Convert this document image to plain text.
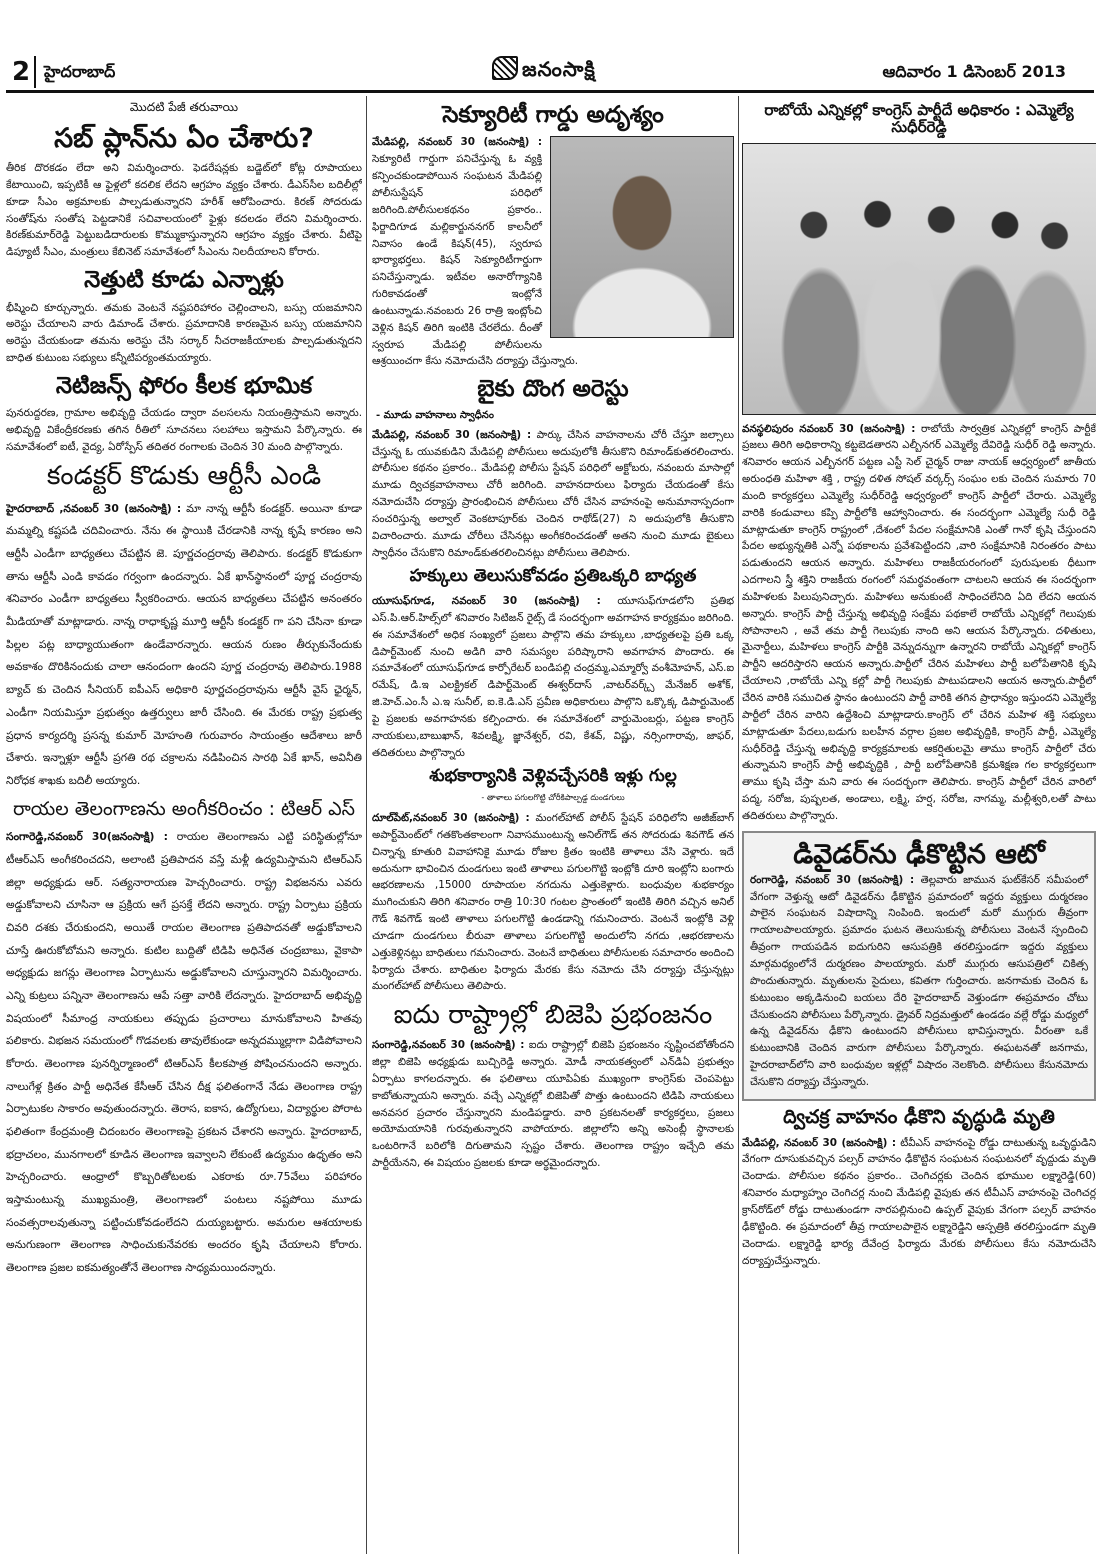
2 హైదరాబాద్	జనంసాక్షి	ఆదివారం 1 డిసెంబర్ 2013
మొదటి పేజీ తరువాయి
సబ్ ప్లాన్‌ను ఏం చేశారు?

తీరిక దొరకడం లేదా అని విమర్శించారు. ఫెడరేషన్లకు బడ్జెట్‌లో కోట్ల రూపాయలు కేటాయించి, ఇప్పటికీ ఆ ఫైళ్లలో కదలిక లేదని ఆగ్రహం వ్యక్తం చేశారు. డీఎస్‌సీల బదిలీల్లో కూడా సీఎం అక్రమాలకు పాల్పడుతున్నారని హరీశ్ ఆరోపించారు. కిరణ్ సోదరుడు సంతోష్‌ను సంతోష పెట్టడానికే సచివాలయంలో ఫైళ్లు కదలడం లేదని విమర్శించారు. కిరణ్‌కుమార్‌రెడ్డి పెట్టుబడిదారులకు కొమ్ముకాస్తున్నారని ఆగ్రహం వ్యక్తం చేశారు. వీటిపై డిప్యూటీ సీఎం, మంత్రులు కేబినెట్ సమావేశంలో సీఎంను నిలదీయాలని కోరారు.

నెత్తుటి కూడు ఎన్నాళ్లు

భీష్మించి కూర్చున్నారు. తమకు వెంటనే నష్టపరిహారం చెల్లించాలని, బస్సు యజమానిని అరెస్టు చేయాలని వారు డిమాండ్ చేశారు. ప్రమాదానికి కారణమైన బస్సు యజమానిని అరెస్టు చేయకుండా తమను అరెస్టు చేసి సర్కార్ నీచరాజకీయాలకు పాల్పడుతున్నదని బాధిత కుటుంబ సభ్యులు కన్నీటిపర్యంతమయ్యారు.

నెటిజన్స్ ఫోరం కీలక భూమిక

పునరుద్దరణ, గ్రామాల అభివృద్ది చేయడం ద్వారా వలసలను నియంత్రిస్తామని అన్నారు. అభివృద్ది వికేంద్రీకరణకు తగిన రీతిలో సూచనలు సలహాలు ఇస్తామని పేర్కొన్నారు. ఈ సమావేశంలో ఐటీ, వైద్య, ఏరోస్పేస్ తదితర రంగాలకు చెందిన 30 మంది పాల్గొన్నారు.

కండక్టర్ కొడుకు ఆర్టీసీ ఎండి

హైదరాబాద్ ,నవంబర్ 30 (జనంసాక్షి) : మా నాన్న ఆర్టీసీ కండక్టర్. అయినా కూడా మమ్మల్ని కష్టపడి చదివించారు. నేను ఈ స్థాయికి చేరడానికి నాన్న కృషే కారణం అని ఆర్టీసీ ఎండీగా బాధ్యతలు చేపట్టిన జె. పూర్ణచంద్రరావు తెలిపారు. కండక్టర్ కొడుకుగా తాను ఆర్టీసీ ఎండి కావడం గర్వంగా ఉందన్నారు. ఏకే ఖాన్‌స్థానంలో పూర్ణ చంద్రరావు శనివారం ఎండీగా బాధ్యతలు స్వీకరించారు. ఆయన బాధ్యతలు చేపట్టిన అనంతరం మీడియాతో మాట్లాడారు. నాన్న రాధాకృష్ణ మూర్తి ఆర్టీసీ కండక్టర్ గా పని చేసినా కూడా పిల్లల పట్ల బాధ్యాయుతంగా ఉండేవారన్నారు. ఆయన రుణం తీర్చుకునేందుకు అవకాశం దొరికినందుకు చాలా ఆనందంగా ఉందని పూర్ణ చంద్రరావు తెలిపారు.1988 బ్యాచ్ కు చెందిన సీనియర్ ఐపీఎస్ అధికారి పూర్ణచంద్రరావును ఆర్టీసీ వైస్ ఛైర్మన్, ఎండీగా నియమిస్తూ ప్రభుత్వం ఉత్తర్వులు జారీ చేసింది. ఈ మేరకు రాష్ట్ర ప్రభుత్వ ప్రధాన కార్యదర్శి ప్రసన్న కుమార్ మోహంతి గురువారం సాయంత్రం ఆదేశాలు జారీ చేశారు. ఇన్నాళ్లూ ఆర్టీసీ ప్రగతి రథ చక్రాలను నడిపించిన సారథి ఏకే ఖాన్, అవినీతి నిరోధక శాఖకు బదిలీ అయ్యారు.

రాయల తెలంగాణను అంగీకరించం : టిఆర్ ఎస్

సంగారెడ్డి,నవంబర్ 30(జనంసాక్షి) : రాయల తెలంగాణను ఎట్టి పరిస్థితుల్లోనూ టీఆర్ఎస్ అంగీకరించదని, అలాంటి ప్రతిపాదన వస్తే మళ్లీ ఉద్యమిస్తామని టిఆర్ఎస్ జిల్లా అధ్యక్షుడు ఆర్. సత్యనారాయణ హెచ్చరించారు. రాష్ట్ర విభజనను ఎవరు అడ్డుకోవాలని చూసినా ఆ ప్రక్రియ ఆగే ప్రసక్తే లేదని అన్నారు. రాష్ట్ర ఏర్పాటు ప్రక్రియ చివరి దశకు చేరుకుందని, అయితే రాయల తెలంగాణ ప్రతిపాదనతో అడ్డుకోవాలని చూస్తే ఊరుకోబోమని అన్నారు. కుటిల బుద్దితో టిడిపి అధినేత చంద్రబాబు, వైకాపా అధ్యక్షుడు జగన్లు తెలంగాణ ఏర్పాటును అడ్డుకోవాలని చూస్తున్నారని విమర్శించారు. ఎన్ని కుట్రలు పన్నినా తెలంగాణను ఆపే సత్తా వారికి లేదన్నారు. హైదరాబాద్ అభివృద్ది విషయంలో సీమాంధ్ర నాయకులు తప్పుడు ప్రచారాలు మానుకోవాలని హితవు పలికారు. విభజన సమయంలో గొడవలకు తావులేకుండా అన్నదమ్ముల్లాగా విడిపోవాలని కోరారు. తెలంగాణ పునర్నిర్మాణంలో టిఆర్ఎస్ కీలకపాత్ర పోషించనుందని అన్నారు. నాలుగేళ్ల క్రితం పార్టీ అధినేత కేసీఆర్ చేసిన దీక్ష ఫలితంగానే నేడు తెలంగాణ రాష్ట్ర ఏర్పాటుకల సాకారం అవుతుందన్నారు. తెరాస, ఐకాస, ఉద్యోగులు, విద్యార్థుల పోరాట ఫలితంగా కేంద్రమంత్రి చిదంబరం తెలంగాణపై ప్రకటన చేశారని అన్నారు. హైదరాబాద్, భద్రాచలం, మునగాలలో కూడిన తెలంగాణ ఇవ్వాలని లేకుంటే ఉద్యమం ఉధృతం అని హెచ్చరించారు. ఆంధ్రాలో కొబ్బరితోటలకు ఎకరాకు రూ.75వేలు పరిహారం ఇస్తామంటున్న ముఖ్యమంత్రి, తెలంగాణలో పంటలు నష్టపోయి మూడు సంవత్సరాలవుతున్నా పట్టించుకోవడంలేదని దుయ్యబట్టారు. అమరుల ఆశయాలకు అనుగుణంగా తెలంగాణ సాధించుకునేవరకు అందరం కృషి చేయాలని కోరారు. తెలంగాణ ప్రజల ఐకమత్యంతోనే తెలంగాణ సాధ్యమయిందన్నారు.

సెక్యూరిటీ గార్డు అదృశ్యం

మేడిపల్లి, నవంబర్ 30 (జనంసాక్షి) : సెక్యూరిటీ గార్డుగా పనిచేస్తున్న ఓ వ్యక్తి కన్పించకుండాపోయిన సంఘటన మేడిపల్లి పోలీసుస్టేషన్ పరిధిలో జరిగింది.పోలీసులకథనం ప్రకారం.. ఫిర్జాదిగూడ మల్లికార్జుననగర్ కాలనీలో నివాసం ఉండే కిషన్(45), స్వరూప భార్యాభర్తలు. కిషన్ సెక్యూరిటీగార్డుగా పనిచేస్తున్నాడు. ఇటీవల అనారోగ్యానికి గురికావడంతో ఇంట్లోనే ఉంటున్నాడు.నవంబరు 26 రాత్రి ఇంట్లోంచి వెళ్లిన కిషన్ తిరిగి ఇంటికి చేరలేదు. దీంతో స్వరూప మేడిపల్లి పోలీసులను ఆశ్రయించగా కేసు నమోదుచేసి దర్యాప్తు చేస్తున్నారు.

బైకు దొంగ అరెస్టు
- మూడు వాహనాలు స్వాధీనం

మేడిపల్లి, నవంబర్ 30 (జనంసాక్షి) : పార్కు చేసిన వాహనాలను చోరీ చేస్తూ జల్సాలు చేస్తున్న ఓ యువకుడిని మేడిపల్లి పోలీసులు అదుపులోకి తీసుకొని రిమాండ్‌కుతరలించారు. పోలీసుల కథనం ప్రకారం.. మేడిపల్లి పోలీసు స్టేషన్ పరిధిలో అక్టోబరు, నవంబరు మాసాల్లో మూడు ద్విచక్రవాహనాలు చోరీ జరిగింది. వాహనదారులు ఫిర్యాదు చేయడంతో కేసు నమోదుచేసి దర్యాప్తు ప్రారంభించిన పోలీసులు చోరీ చేసిన వాహనంపై అనుమానాస్పదంగా సంచరిస్తున్న అల్వాల్ వెంకటాపూర్‌కు చెందిన రాథోడ్(27) ని అదుపులోకి తీసుకొని విచారించారు. మూడు చోరీలు చేసినట్లు అంగీకరించడంతో అతని నుంచి మూడు బైకులు స్వాధీనం చేసుకొని రిమాండ్‌కుతరలించినట్లు పోలీసులు తెలిపారు.

హక్కులు తెలుసుకోవడం ప్రతిఒక్కరి బాధ్యత

యూసుఫ్‌గూడ, నవంబర్ 30 (జనంసాక్షి) : యూసుఫ్‌గూడలోని ప్రతిభ ఎస్.పి.ఆర్.హిల్స్‌లో శనివారం సిటిజన్ రైట్స్ డే సందర్భంగా అవగాహన కార్యక్రమం జరిగింది. ఈ సమావేశంలో అధిక సంఖ్యలో ప్రజలు పాల్గొని తమ హక్కులు ,బాధ్యతలపై ప్రతి ఒక్క డిపార్ట్‌మెంట్ నుంచి అడిగి వారి సమస్యల పరిష్కారాని అవగాహన పొందారు. ఈ సమావేశంలో యూసుఫ్‌గూడ కార్పోరేటర్ బండిపల్లి చంద్రమ్మ,ఎమ్మార్వో వంశీమోహన్, ఎస్.ఐ రమేష్, డి.ఇ ఎలక్ట్రికల్ డిపార్ట్‌మెంట్ ఈశ్వర్‌దాస్ ,వాటర్‌వర్క్స్ మేనేజర్ అశోక్, జి.హెచ్.ఎం.సీ ఎ.ఇ సునీల్, ఐ.కె.డి.ఎస్ ప్రవీణ అధికారులు పాల్గొని ఒక్కొక్క డిపార్టుమెంట్ పై ప్రజలకు అవగాహనకు కల్పించారు. ఈ సమావేశంలో వార్డుమెంబర్లు, పట్టణ కాంగ్రెస్ నాయకులు,బాబుఖాన్, శివలక్ష్మి, జ్ఞానేశ్వర్, రవి, కేశవ్, విష్ణు, నర్సింగారావు, జాఫర్, తదితరులు పాల్గొన్నారు

శుభకార్యానికి వెళ్లివచ్చేసరికి ఇళ్లు గుల్ల
- తాళాలు పగులగొట్టి చోరీకిపాల్పడ్డ దుండగులు

దూల్‌పేట్,నవంబర్ 30 (జనంసాక్షి) : మంగల్‌హాట్ పోలీస్ స్టేషన్ పరిధిలోని అజీజ్‌బాగ్ అపార్ట్‌మెంట్‌లో గతకొంతకాలంగా నివాసముంటున్న అనిల్‌గౌడ్ తన సోదరుడు శివగౌడ్ తన చిన్నాన్న కూతురి వివాహానికై మూడు రోజుల క్రితం ఇంటికి తాళాలు వేసి వెళ్లారు. ఇదే అదునుగా భావించిన దుండగులు ఇంటి తాళాలు పగులగొట్టి ఇంట్లోకి దూరి ఇంట్లోని బంగారు ఆభరణాలను ,15000 రూపాయల నగదును ఎత్తుకెళ్లారు. బంధువుల శుభకార్యం ముగించుకుని తిరిగి శనివారం రాత్రి 10:30 గంటల ప్రాంతంలో ఇంటికి తిరిగి వచ్చిన అనిల్ గౌడ్ శివగౌడ్ ఇంటి తాళాలు పగులగొట్టి ఉండడాన్ని గమనించారు. వెంటనే ఇంట్లోకి వెళ్లి చూడగా దుండగులు బీరువా తాళాలు పగులగొట్టి అందులోని నగదు ,ఆభరణాలను ఎత్తుకెళ్లినట్లు బాధితులు గమనించారు. వెంటనే బాధితులు పోలీసులకు సమాచారం అందించి ఫిర్యాదు చేశారు. బాధితుల ఫిర్యాదు మేరకు కేసు నమోదు చేసి దర్యాప్తు చేస్తున్నట్లు మంగల్‌హాట్ పోలీసులు తెలిపారు.

ఐదు రాష్ట్రాల్లో బిజెపి ప్రభంజనం

సంగారెడ్డి,నవంబర్ 30 (జనంసాక్షి) : ఐదు రాష్ట్రాల్లో బిజెపి ప్రభంజనం సృష్టించబోతోందని జిల్లా బిజెపి అధ్యక్షుడు బుచ్చిరెడ్డి అన్నారు. మోడీ నాయకత్వంలో ఎన్‌డిఏ ప్రభుత్వం ఏర్పాటు కాగలదన్నారు. ఈ ఫలితాలు యూపిఏకు ముఖ్యంగా కాంగ్రెస్‌కు చెంపపెట్టు కాబోతున్నాయని అన్నారు. వచ్చే ఎన్నికల్లో బిజెపితో పొత్తు ఉంటుందని టిడిపి నాయకులు అనవసర ప్రచారం చేస్తున్నారని మండిపడ్డారు. వారి ప్రకటనలతో కార్యకర్తలు, ప్రజలు అయోమయానికి గురవుతున్నారని వాపోయారు. జిల్లాలోని అన్ని అసెంబ్లీ స్థానాలకు ఒంటరిగానే బరిలోకి దిగుతామని స్పష్టం చేశారు. తెలంగాణ రాష్ట్రం ఇచ్చేది తమ పార్టీయేనని, ఈ విషయం ప్రజలకు కూడా అర్థమైందన్నారు.

రాబోయే ఎన్నికల్లో కాంగ్రెస్ పార్టీదే అధికారం : ఎమ్మెల్యే సుధీర్‌రెడ్డి

వనస్థలిపురం నవంబర్ 30 (జనంసాక్షి) : రాబోయే సార్వత్రిక ఎన్నికల్లో కాంగ్రెస్ పార్టీకే ప్రజలు తిరిగి అధికారాన్ని కట్టబెడతారని ఎల్బీనగర్ ఎమ్మెల్యే దేవిరెడ్డి సుధీర్ రెడ్డి అన్నారు. శనివారం ఆయన ఎల్బీనగర్ పట్టణ ఎస్టీ సెల్ చైర్మన్ రాజు నాయక్ ఆధ్వర్యంలో జాతీయ అరుంధతి మహిళా శక్తి , రాష్ట్ర దళిత సోషల్ వర్కర్స్ సంఘం లకు చెందిన సుమారు 70 మంది కార్యకర్తలు ఎమ్మెల్యే సుధీర్‌రెడ్డి ఆధ్వర్యంలో కాంగ్రెస్ పార్టీలో చేరారు. ఎమ్మెల్యే వారికి కండువాలు కప్పి పార్టీలోకి ఆహ్వానించారు. ఈ సందర్భంగా ఎమ్మెల్యే సుధీ రెడ్డి మాట్లాడుతూ కాంగ్రెస్ రాష్ట్రంలో ,దేశంలో పేదల సంక్షేమానికి ఎంతో గానో కృషి చేస్తుందని పేదల అభ్యున్నతికి ఎన్నో పథకాలను ప్రవేశపెట్టిందని ,వారి సంక్షేమానికి నిరంతరం పాటు పడుతుందని ఆయన అన్నారు. మహిళలు రాజకీయరంగంలో పురుషులకు ధీటుగా ఎదగాలని స్త్రీ శక్తిని రాజకీయ రంగంలో సమర్థవంతంగా చాటలని ఆయన ఈ సందర్భంగా మహిళలకు పిలుపునిచ్చారు. మహిళలు అనుకుంటే సాధించలేనిది ఏది లేదని ఆయన అన్నారు. కాంగ్రెస్ పార్టీ చేస్తున్న అభివృద్ది సంక్షేమ పథకాలే రాబోయే ఎన్నికల్లో గెలుపుకు సోపానాలని , అవే తమ పార్టీ గెలుపుకు నాంది అని ఆయన పేర్కొన్నారు. దళితులు, మైనార్టీలు, మహిళలు కాంగ్రెస్ పార్టీకి వెన్నుదన్నుగా ఉన్నారని రాబోయే ఎన్నికల్లో కాంగ్రెస్ పార్టీని ఆదరిస్తారని ఆయన అన్నారు.పార్టీలో చేరిన మహిళలు పార్టీ బలోపేతానికి కృషి చేయాలని ,రాబోయే ఎన్ని కల్లో పార్టీ గెలుపుకు పాటుపడాలని ఆయన అన్నారు.పార్టీలో చేరిన వారికి సముచిత స్థానం ఉంటుందని పార్టీ వారికి తగిన ప్రాధాన్యం ఇస్తుందని ఎమ్మెల్యే పార్టీలో చేరిన వారిని ఉద్దేశించి మాట్లాడారు.కాంగ్రెస్ లో చేరిన మహిళ శక్తి సభ్యులు మాట్లాడుతూ పేదలు,బడుగు బలహీన వర్గాల ప్రజల అభివృద్దికి, కాంగ్రెస్ పార్టీ, ఎమ్మెల్యే సుధీర్‌రెడ్డి చేస్తున్న అభివృద్ది కార్యక్రమాలకు ఆకర్షితులమై తాము కాంగ్రెస్ పార్టీలో చేరు తున్నామని కాంగ్రెస్ పార్టీ అభివృద్దికి , పార్టీ బలోపేతానికి క్రమశిక్షణ గల కార్యకర్తలుగా తాము కృషి చేస్తా మని వారు ఈ సందర్భంగా తెలిపారు. కాంగ్రెస్ పార్టీలో చేరిన వారిలో పద్మ, సరోజ, పుష్పలత, అండాలు, లక్ష్మి, హర్ష, సరోజ, నాగమ్మ, మల్లీశ్వరి,లతో పాటు తదితరులు పాల్గొన్నారు.

డివైడర్‌ను ఢీకొట్టిన ఆటో

రంగారెడ్డి, నవంబర్ 30 (జనంసాక్షి) : తెల్లవారు జామున ఘట్‌కేసర్ సమీపంలో వేగంగా వెళ్తున్న ఆటో డివైడర్‌ను ఢీకొట్టిన ప్రమాదంలో ఇద్దరు వ్యక్తులు దుర్మరణం పాలైన సంఘటన విషాదాన్ని నింపింది. ఇందులో మరో ముగ్గురు తీవ్రంగా గాయాలపాలయ్యారు. ప్రమాదం ఘటన తెలుసుకున్న పోలీసులు వెంటనే స్పందించి తీవ్రంగా గాయపడిన ఐదుగురిని ఆసుపత్రికి తరలిస్తుండగా ఇద్దరు వ్యక్తులు మార్గమధ్యంలోనే దుర్మరణం పాలయ్యారు. మరో ముగ్గురు ఆసుపత్రిలో చికిత్స పొందుతున్నారు. మృతులను సైదులు, కవితగా గుర్తించారు. జనగామకు చెందిన ఓ కుటుంబం అక్కడినుంచి బయలు దేరి హైదరాబాద్ వెళ్తుండగా ఈప్రమాదం చోటు చేసుకుందని పోలీసులు పేర్కొన్నారు. డ్రైవర్ నిద్రమత్తులో ఉండడం వల్లే రోడ్డు మధ్యలో ఉన్న డివైడర్‌ను ఢీకొని ఉంటుందని పోలీసులు భావిస్తున్నారు. వీరంతా ఒకే కుటుంబానికి చెందిన వారుగా పోలీసులు పేర్కొన్నారు. ఈఘటనతో జనగామ, హైదరాబాద్‌లోని వారి బంధువుల ఇళ్లల్లో విషాదం నెలకొంది. పోలీసులు కేసునమోదు చేసుకొని దర్యాప్తు చేస్తున్నారు.

ద్విచక్ర వాహనం ఢీకొని వృద్ధుడి మృతి

మేడిపల్లి, నవంబర్ 30 (జనంసాక్షి) : టీవీఎస్ వాహనంపై రోడ్డు దాటుతున్న ఒవృద్ధుడిని వేగంగా దూసుకువచ్చిన పల్సర్ వాహనం ఢీకొట్టిన సంఘటన సంఘటనలో వృద్దుడు మృతి చెందాడు. పోలీసుల కథనం ప్రకారం.. చెంగిచర్లకు చెందిన భూముల లక్ష్మారెడ్డి(60) శనివారం మధ్యాహ్నం చెంగిచర్ల నుంచి మేడిపల్లి వైపుకు తన టీవీఎస్ వాహనంపై చెంగిచర్ల క్రాస్‌రోడ్‌లో రోడ్డు దాటుతుండగా నారపల్లినుంచి ఉప్పల్ వైపుకు వేగంగా పల్సర్ వాహనం ఢీకొట్టింది. ఈ ప్రమాదంలో తీవ్ర గాయాలపాలైన లక్ష్మారెడ్డిని ఆస్పత్రికి తరలిస్తుండగా మృతి చెందాడు. లక్ష్మారెడ్డి భార్య దేవేంద్ర ఫిర్యాదు మేరకు పోలీసులు కేసు నమోదుచేసి దర్యాప్తుచేస్తున్నారు.
